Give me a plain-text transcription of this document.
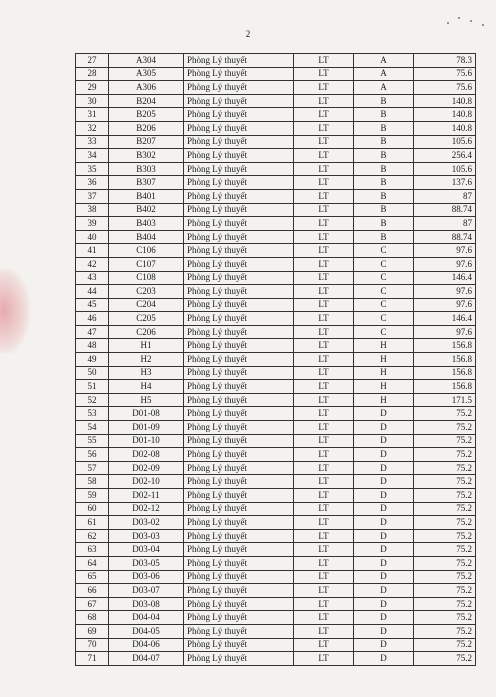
2
27	A304	Phòng Lý thuyết	LT	A	78.3
28	A305	Phòng Lý thuyết	LT	A	75.6
29	A306	Phòng Lý thuyết	LT	A	75.6
30	B204	Phòng Lý thuyết	LT	B	140.8
31	B205	Phòng Lý thuyết	LT	B	140.8
32	B206	Phòng Lý thuyết	LT	B	140.8
33	B207	Phòng Lý thuyết	LT	B	105.6
34	B302	Phòng Lý thuyết	LT	B	256.4
35	B303	Phòng Lý thuyết	LT	B	105.6
36	B307	Phòng Lý thuyết	LT	B	137.6
37	B401	Phòng Lý thuyết	LT	B	87
38	B402	Phòng Lý thuyết	LT	B	88.74
39	B403	Phòng Lý thuyết	LT	B	87
40	B404	Phòng Lý thuyết	LT	B	88.74
41	C106	Phòng Lý thuyết	LT	C	97.6
42	C107	Phòng Lý thuyết	LT	C	97.6
43	C108	Phòng Lý thuyết	LT	C	146.4
44	C203	Phòng Lý thuyết	LT	C	97.6
45	C204	Phòng Lý thuyết	LT	C	97.6
46	C205	Phòng Lý thuyết	LT	C	146.4
47	C206	Phòng Lý thuyết	LT	C	97.6
48	H1	Phòng Lý thuyết	LT	H	156.8
49	H2	Phòng Lý thuyết	LT	H	156.8
50	H3	Phòng Lý thuyết	LT	H	156.8
51	H4	Phòng Lý thuyết	LT	H	156.8
52	H5	Phòng Lý thuyết	LT	H	171.5
53	D01-08	Phòng Lý thuyết	LT	D	75.2
54	D01-09	Phòng Lý thuyết	LT	D	75.2
55	D01-10	Phòng Lý thuyết	LT	D	75.2
56	D02-08	Phòng Lý thuyết	LT	D	75.2
57	D02-09	Phòng Lý thuyết	LT	D	75.2
58	D02-10	Phòng Lý thuyết	LT	D	75.2
59	D02-11	Phòng Lý thuyết	LT	D	75.2
60	D02-12	Phòng Lý thuyết	LT	D	75.2
61	D03-02	Phòng Lý thuyết	LT	D	75.2
62	D03-03	Phòng Lý thuyết	LT	D	75.2
63	D03-04	Phòng Lý thuyết	LT	D	75.2
64	D03-05	Phòng Lý thuyết	LT	D	75.2
65	D03-06	Phòng Lý thuyết	LT	D	75.2
66	D03-07	Phòng Lý thuyết	LT	D	75.2
67	D03-08	Phòng Lý thuyết	LT	D	75.2
68	D04-04	Phòng Lý thuyết	LT	D	75.2
69	D04-05	Phòng Lý thuyết	LT	D	75.2
70	D04-06	Phòng Lý thuyết	LT	D	75.2
71	D04-07	Phòng Lý thuyết	LT	D	75.2
